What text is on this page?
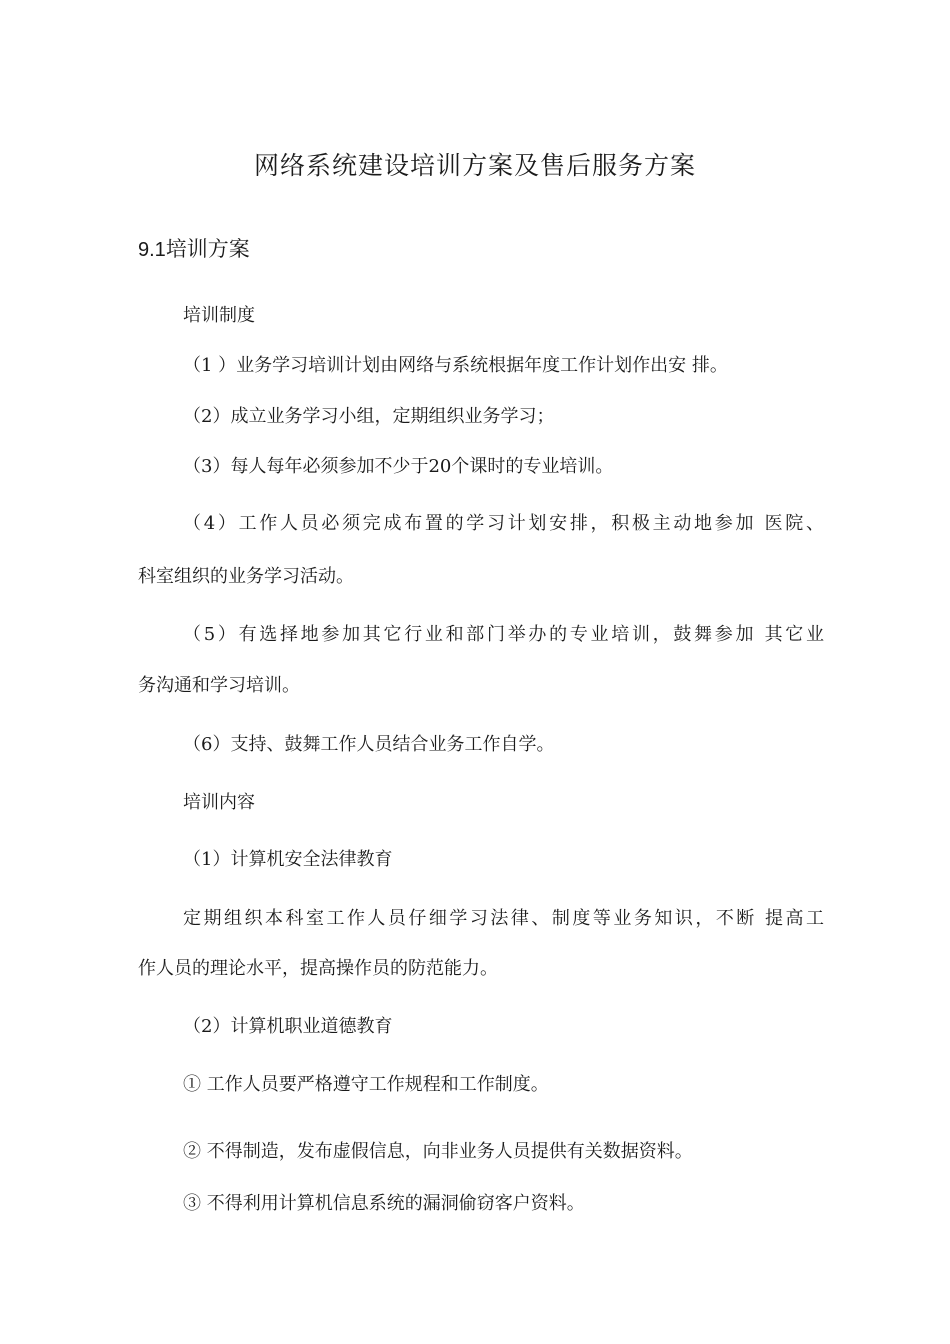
网络系统建设培训方案及售后服务方案
9.1培训方案
培训制度
（1 ）业务学习培训计划由网络与系统根据年度工作计划作出安 排。
（2）成立业务学习小组，定期组织业务学习；
（3）每人每年必须参加不少于20个课时的专业培训。
（4）工作人员必须完成布置的学习计划安排，积极主动地参加 医院、
科室组织的业务学习活动。
（5）有选择地参加其它行业和部门举办的专业培训，鼓舞参加 其它业
务沟通和学习培训。
（6）支持、鼓舞工作人员结合业务工作自学。
培训内容
（1）计算机安全法律教育
定期组织本科室工作人员仔细学习法律、制度等业务知识，不断 提高工
作人员的理论水平，提高操作员的防范能力。
（2）计算机职业道德教育
① 工作人员要严格遵守工作规程和工作制度。
② 不得制造，发布虚假信息，向非业务人员提供有关数据资料。
③ 不得利用计算机信息系统的漏洞偷窃客户资料。
